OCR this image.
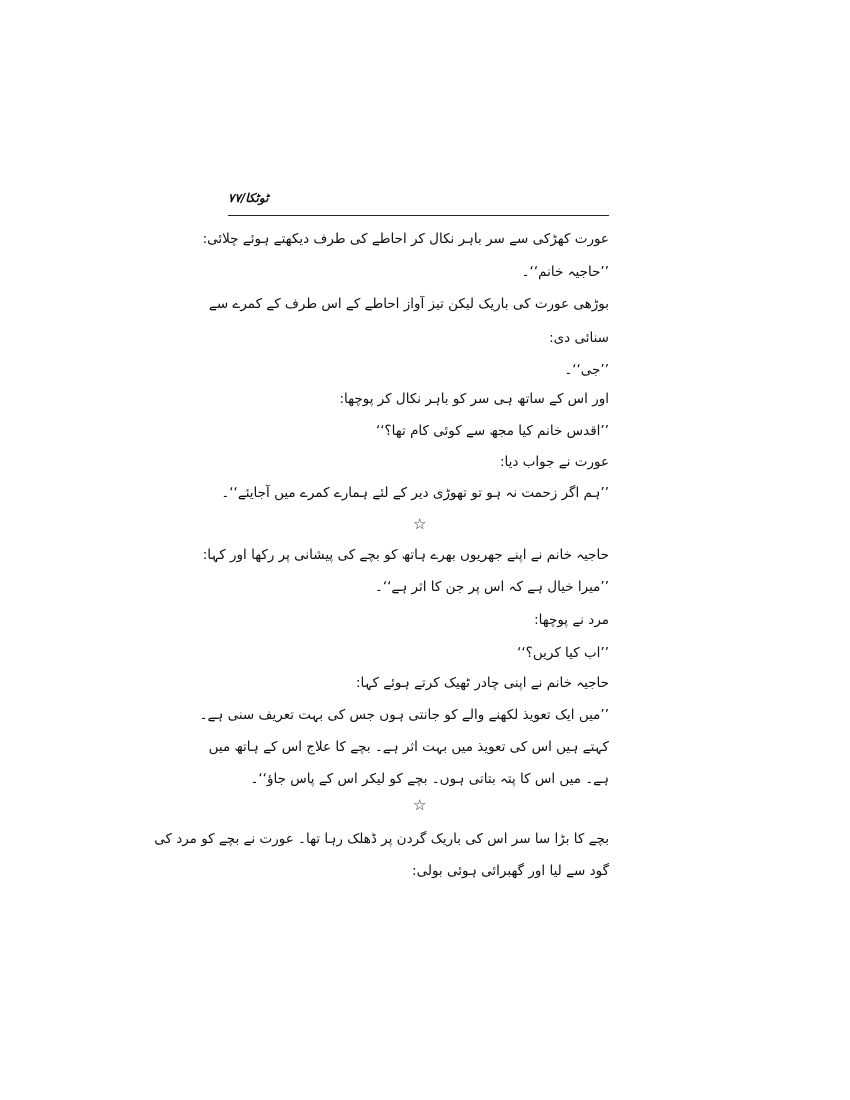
ٹوٹکا/۷۷
عورت کھڑکی سے سر باہر نکال کر احاطے کی طرف دیکھتے ہوئے چلائی:
’’حاجیہ خانم‘‘۔
بوڑھی عورت کی باریک لیکن تیز آواز احاطے کے اس طرف کے کمرے سے
سنائی دی:
’’جی‘‘۔
اور اس کے ساتھ ہی سر کو باہر نکال کر پوچھا:
’’اقدس خانم کیا مجھ سے کوئی کام تھا؟‘‘
عورت نے جواب دیا:
’’ہم اگر زحمت نہ ہو تو تھوڑی دیر کے لئے ہمارے کمرے میں آجایئے‘‘۔
☆
حاجیہ خانم نے اپنے جھریوں بھرے ہاتھ کو بچے کی پیشانی پر رکھا اور کہا:
’’میرا خیال ہے کہ اس پر جن کا اثر ہے‘‘۔
مرد نے پوچھا:
’’اب کیا کریں؟‘‘
حاجیہ خانم نے اپنی چادر ٹھیک کرتے ہوئے کہا:
’’میں ایک تعویذ لکھنے والے کو جانتی ہوں جس کی بہت تعریف سنی ہے۔
کہتے ہیں اس کی تعویذ میں بہت اثر ہے۔ بچے کا علاج اس کے ہاتھ میں
ہے۔ میں اس کا پتہ بتاتی ہوں۔ بچے کو لیکر اس کے پاس جاؤ‘‘۔
☆
بچے کا بڑا سا سر اس کی باریک گردن پر ڈھلک رہا تھا۔ عورت نے بچے کو مرد کی
گود سے لیا اور گھبرائی ہوئی بولی:
